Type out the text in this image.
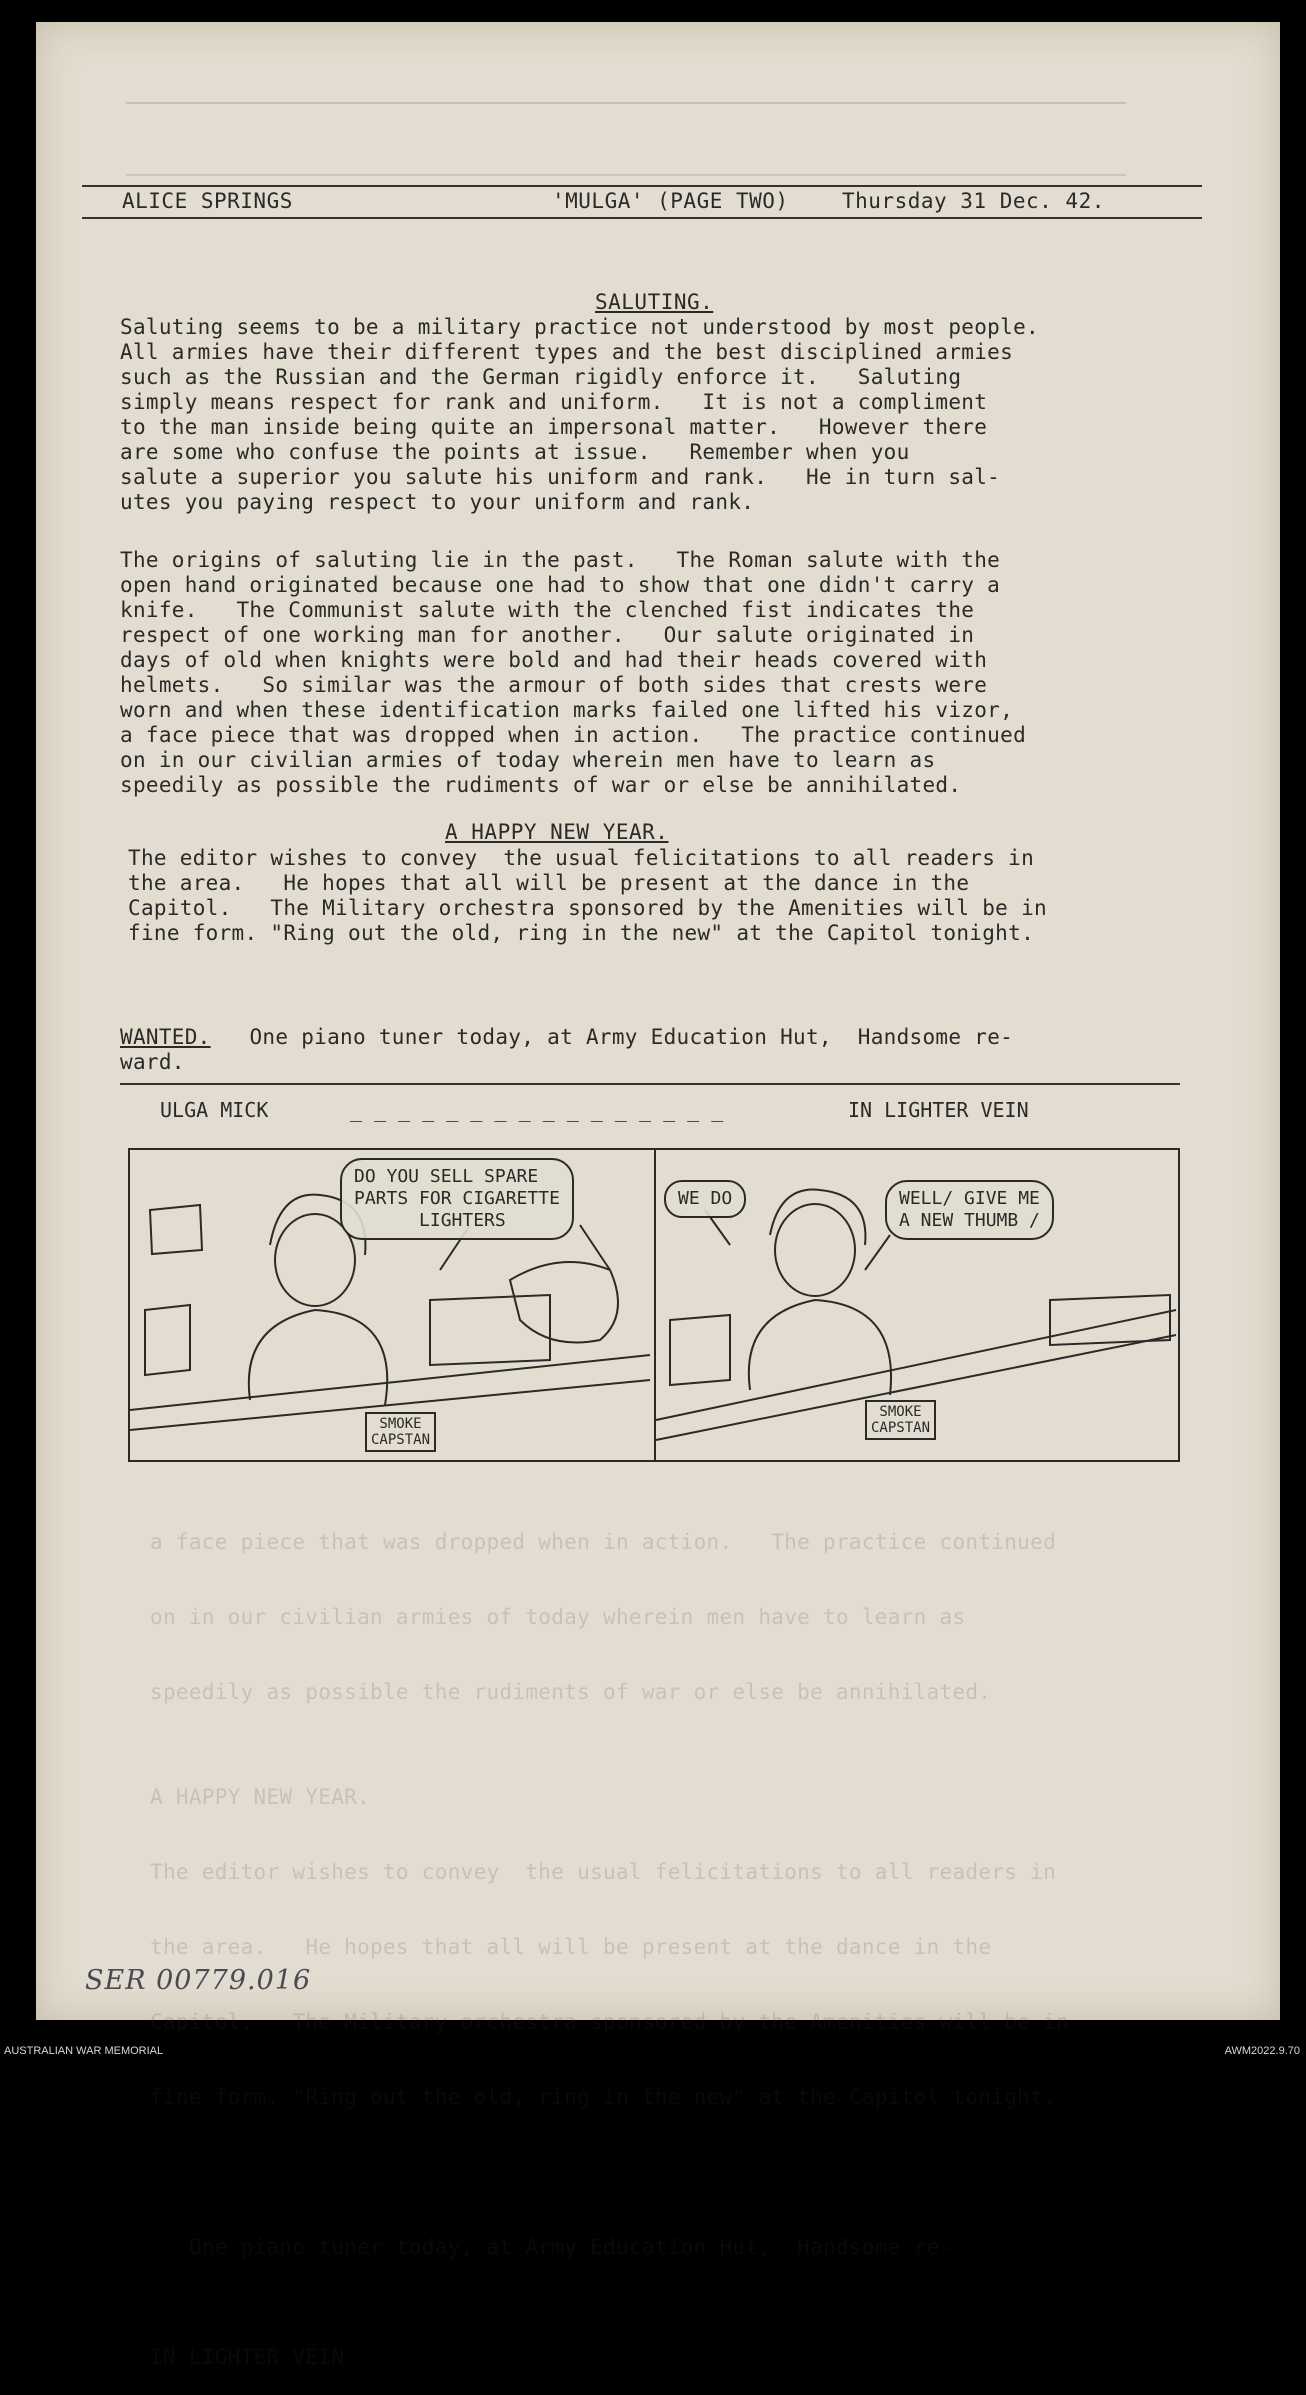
ALICE SPRINGS	'MULGA' (PAGE TWO)	Thursday 31 Dec. 42.
SALUTING.
Saluting seems to be a military practice not understood by most people.
All armies have their different types and the best disciplined armies
such as the Russian and the German rigidly enforce it.   Saluting
simply means respect for rank and uniform.   It is not a compliment
to the man inside being quite an impersonal matter.   However there
are some who confuse the points at issue.   Remember when you
salute a superior you salute his uniform and rank.   He in turn sal-
utes you paying respect to your uniform and rank.
The origins of saluting lie in the past.   The Roman salute with the
open hand originated because one had to show that one didn't carry a
knife.   The Communist salute with the clenched fist indicates the
respect of one working man for another.   Our salute originated in
days of old when knights were bold and had their heads covered with
helmets.   So similar was the armour of both sides that crests were
worn and when these identification marks failed one lifted his vizor,
a face piece that was dropped when in action.   The practice continued
on in our civilian armies of today wherein men have to learn as
speedily as possible the rudiments of war or else be annihilated.
A HAPPY NEW YEAR.
The editor wishes to convey  the usual felicitations to all readers in
the area.   He hopes that all will be present at the dance in the
Capitol.   The Military orchestra sponsored by the Amenities will be in
fine form. "Ring out the old, ring in the new" at the Capitol tonight.
WANTED.   One piano tuner today, at Army Education Hut,  Handsome re-
ward.
ULGA MICK	_ _ _ _ _ _ _ _ _ _ _ _ _ _ _ _	IN LIGHTER VEIN
DO YOU SELL SPARE
PARTS FOR CIGARETTE
LIGHTERS
WE DO	WELL/ GIVE ME
A NEW THUMB /
SMOKE
CAPSTAN
SMOKE
CAPSTAN

a face piece that was dropped when in action.   The practice continued

on in our civilian armies of today wherein men have to learn as

speedily as possible the rudiments of war or else be annihilated.

A HAPPY NEW YEAR.

The editor wishes to convey  the usual felicitations to all readers in

the area.   He hopes that all will be present at the dance in the

Capitol.   The Military orchestra sponsored by the Amenities will be in

fine form. "Ring out the old, ring in the new" at the Capitol tonight.

One piano tuner today, at Army Education Hut,  Handsome re-

IN LIGHTER VEIN

SER 00779.016
AUSTRALIAN WAR MEMORIAL	AWM2022.9.70
